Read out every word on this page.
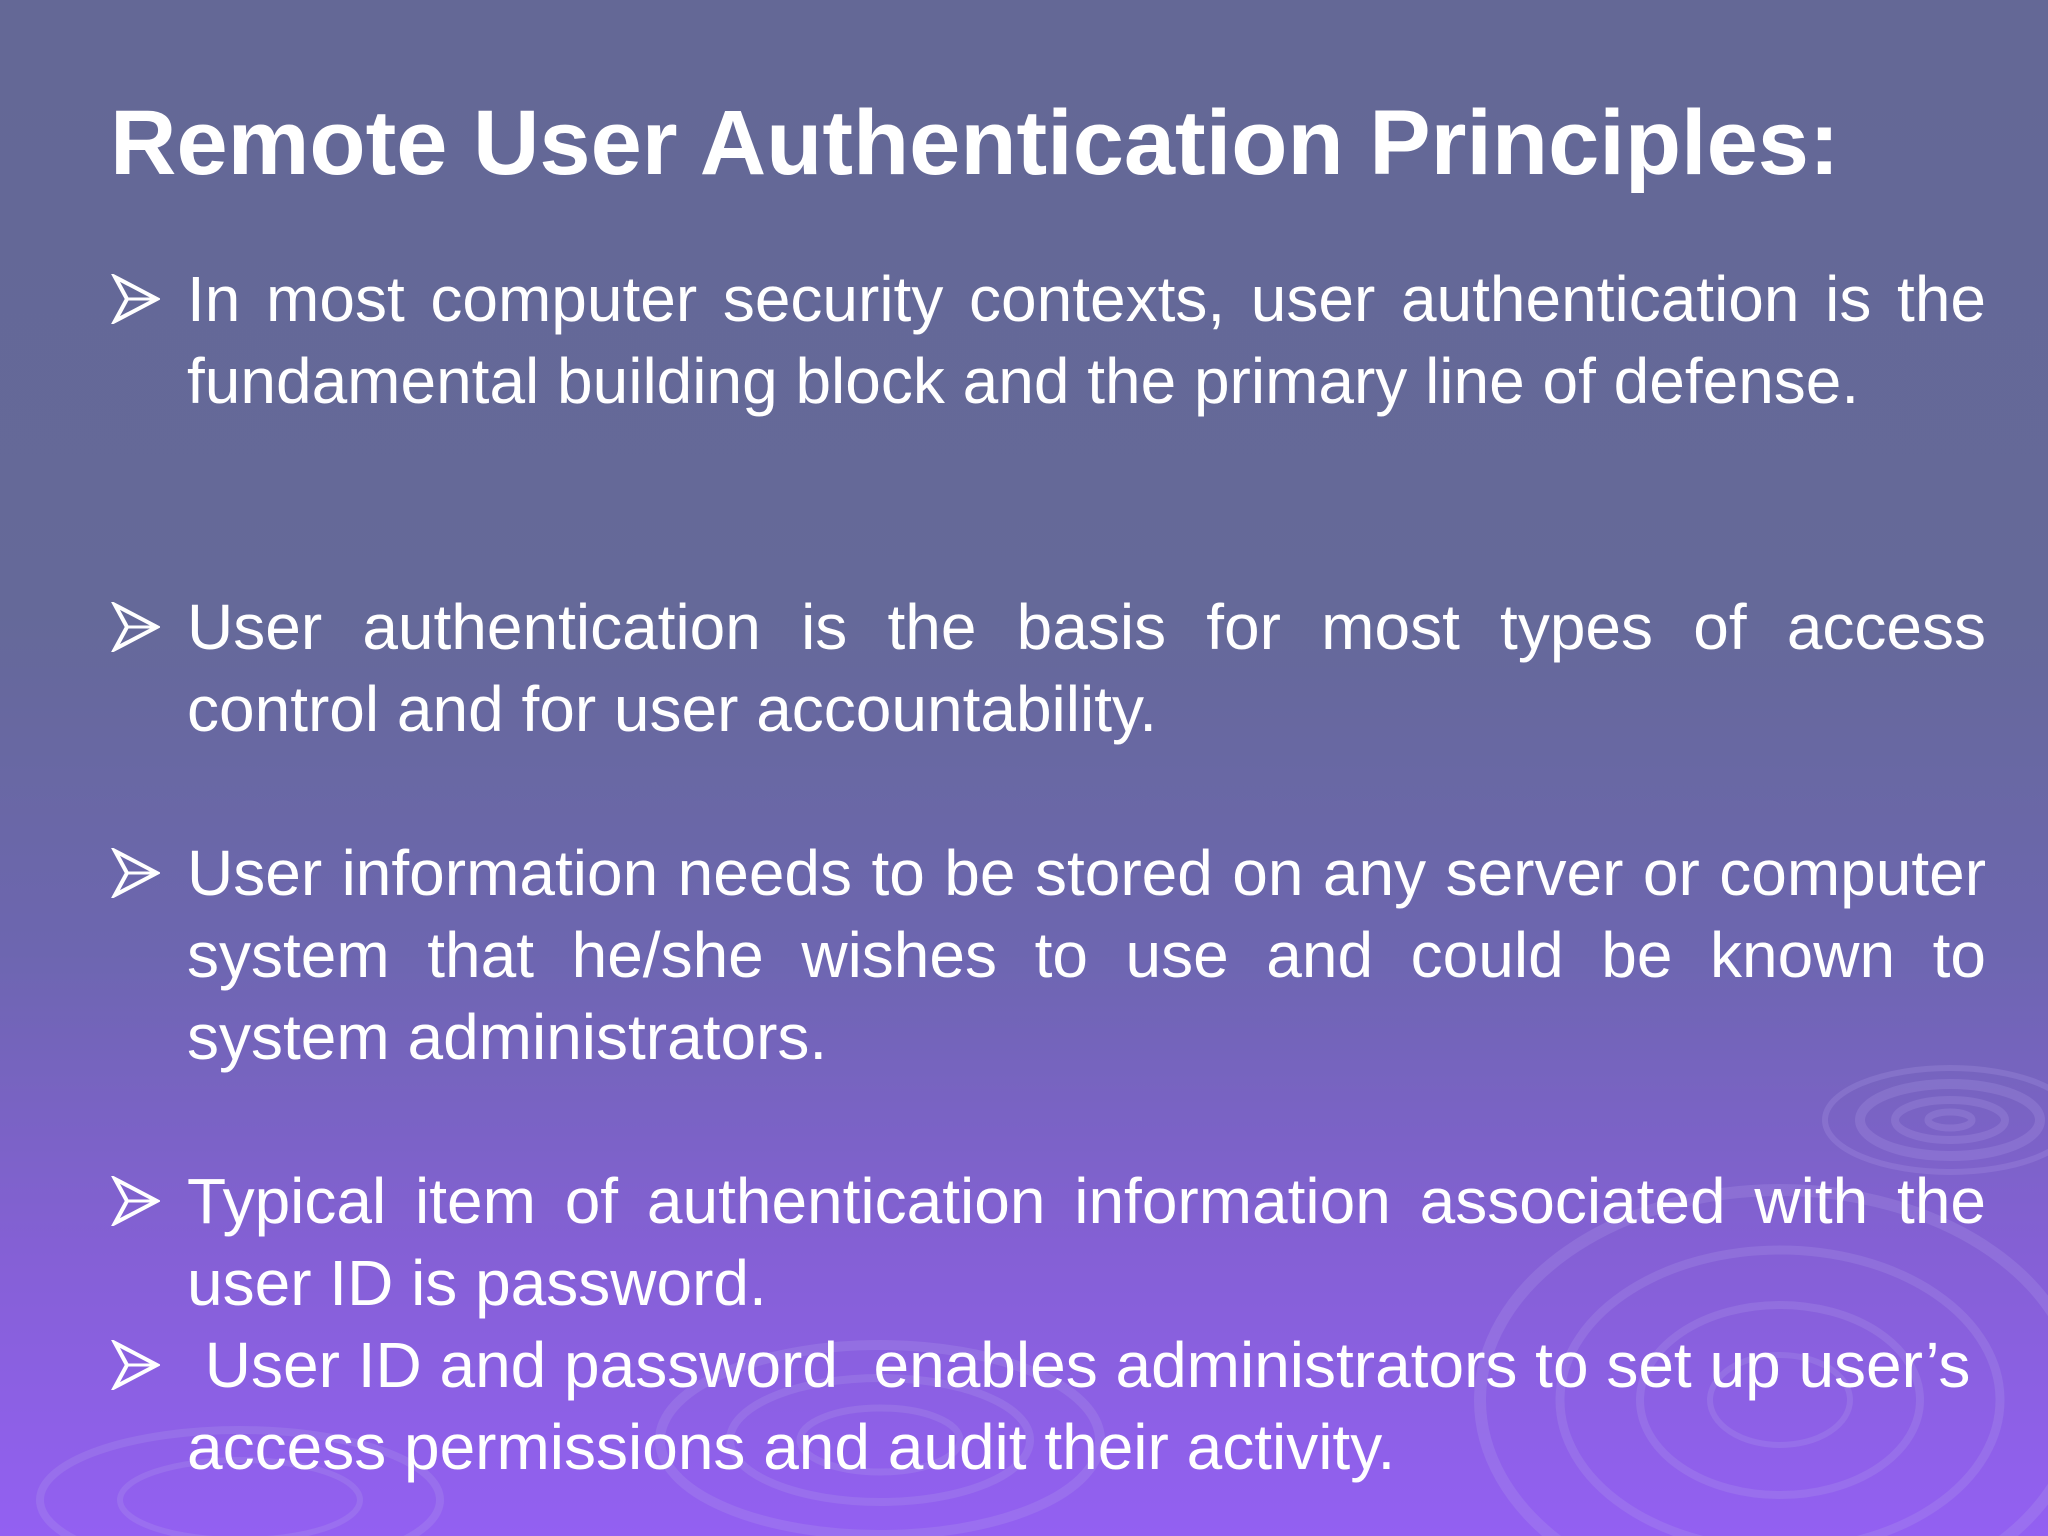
Remote User Authentication Principles:
In most computer security contexts, user authentication is the fundamental building block and the primary line of defense.
User authentication is the basis for most types of access control and for user accountability.
User information needs to be stored on any server or computer system that he/she wishes to use and could be known to system administrators.
Typical item of authentication information associated with the user ID is password.
User ID and password  enables administrators to set up user’s access permissions and audit their activity.
